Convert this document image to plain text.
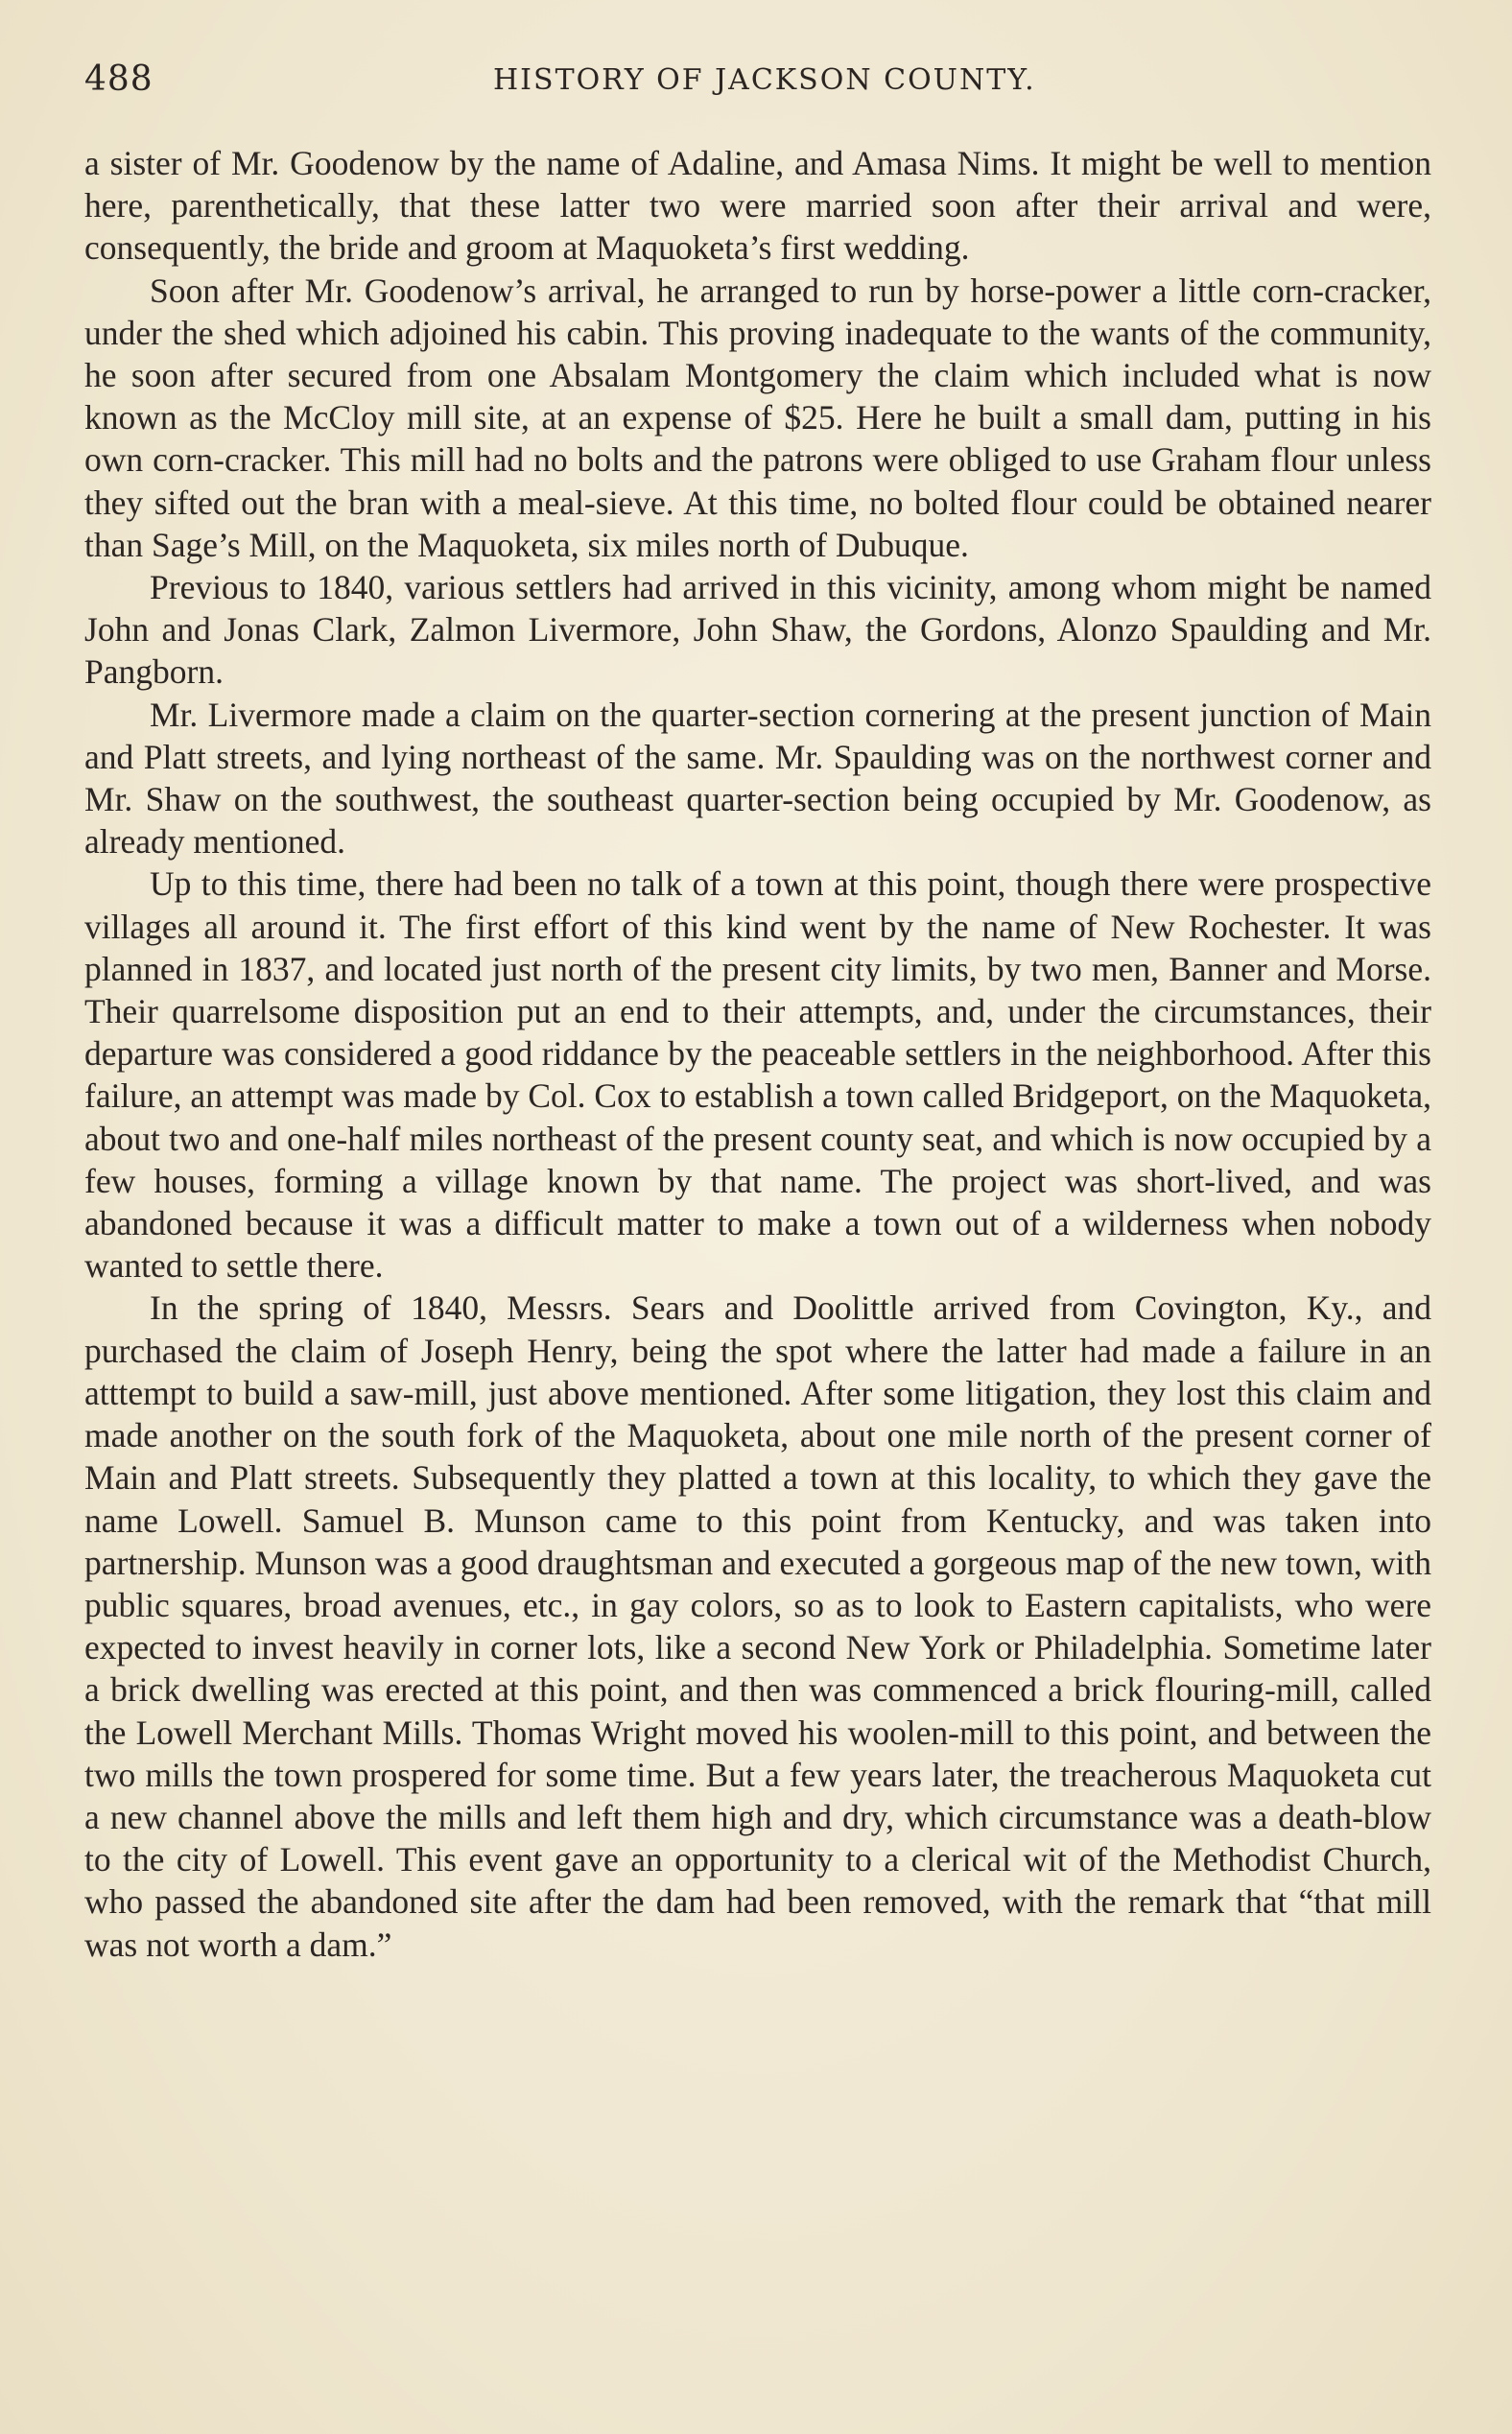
488	HISTORY OF JACKSON COUNTY.

a sister of Mr. Goodenow by the name of Adaline, and Amasa Nims. It might be well to mention here, parenthetically, that these latter two were married soon after their arrival and were, consequently, the bride and groom at Maquoketa’s first wedding.

Soon after Mr. Goodenow’s arrival, he arranged to run by horse-power a little corn-cracker, under the shed which adjoined his cabin. This proving inadequate to the wants of the community, he soon after secured from one Absalam Montgomery the claim which included what is now known as the McCloy mill site, at an expense of $25. Here he built a small dam, putting in his own corn-cracker. This mill had no bolts and the patrons were obliged to use Graham flour unless they sifted out the bran with a meal-sieve. At this time, no bolted flour could be obtained nearer than Sage’s Mill, on the Maquoketa, six miles north of Dubuque.

Previous to 1840, various settlers had arrived in this vicinity, among whom might be named John and Jonas Clark, Zalmon Livermore, John Shaw, the Gordons, Alonzo Spaulding and Mr. Pangborn.

Mr. Livermore made a claim on the quarter-section cornering at the present junction of Main and Platt streets, and lying northeast of the same. Mr. Spaulding was on the northwest corner and Mr. Shaw on the southwest, the southeast quarter-section being occupied by Mr. Goodenow, as already mentioned.

Up to this time, there had been no talk of a town at this point, though there were prospective villages all around it. The first effort of this kind went by the name of New Rochester. It was planned in 1837, and located just north of the present city limits, by two men, Banner and Morse. Their quarrelsome disposition put an end to their attempts, and, under the circumstances, their departure was considered a good riddance by the peaceable settlers in the neighborhood. After this failure, an attempt was made by Col. Cox to establish a town called Bridgeport, on the Maquoketa, about two and one-half miles northeast of the present county seat, and which is now occupied by a few houses, forming a village known by that name. The project was short-lived, and was abandoned because it was a difficult matter to make a town out of a wilderness when nobody wanted to settle there.

In the spring of 1840, Messrs. Sears and Doolittle arrived from Covington, Ky., and purchased the claim of Joseph Henry, being the spot where the latter had made a failure in an atttempt to build a saw-mill, just above mentioned. After some litigation, they lost this claim and made another on the south fork of the Maquoketa, about one mile north of the present corner of Main and Platt streets. Subsequently they platted a town at this locality, to which they gave the name Lowell. Samuel B. Munson came to this point from Kentucky, and was taken into partnership. Munson was a good draughtsman and executed a gorgeous map of the new town, with public squares, broad avenues, etc., in gay colors, so as to look to Eastern capitalists, who were expected to invest heavily in corner lots, like a second New York or Philadelphia. Sometime later a brick dwelling was erected at this point, and then was commenced a brick flouring-mill, called the Lowell Merchant Mills. Thomas Wright moved his woolen-mill to this point, and between the two mills the town prospered for some time. But a few years later, the treacherous Maquoketa cut a new channel above the mills and left them high and dry, which circumstance was a death-blow to the city of Lowell. This event gave an opportunity to a clerical wit of the Methodist Church, who passed the abandoned site after the dam had been removed, with the remark that “that mill was not worth a dam.”
